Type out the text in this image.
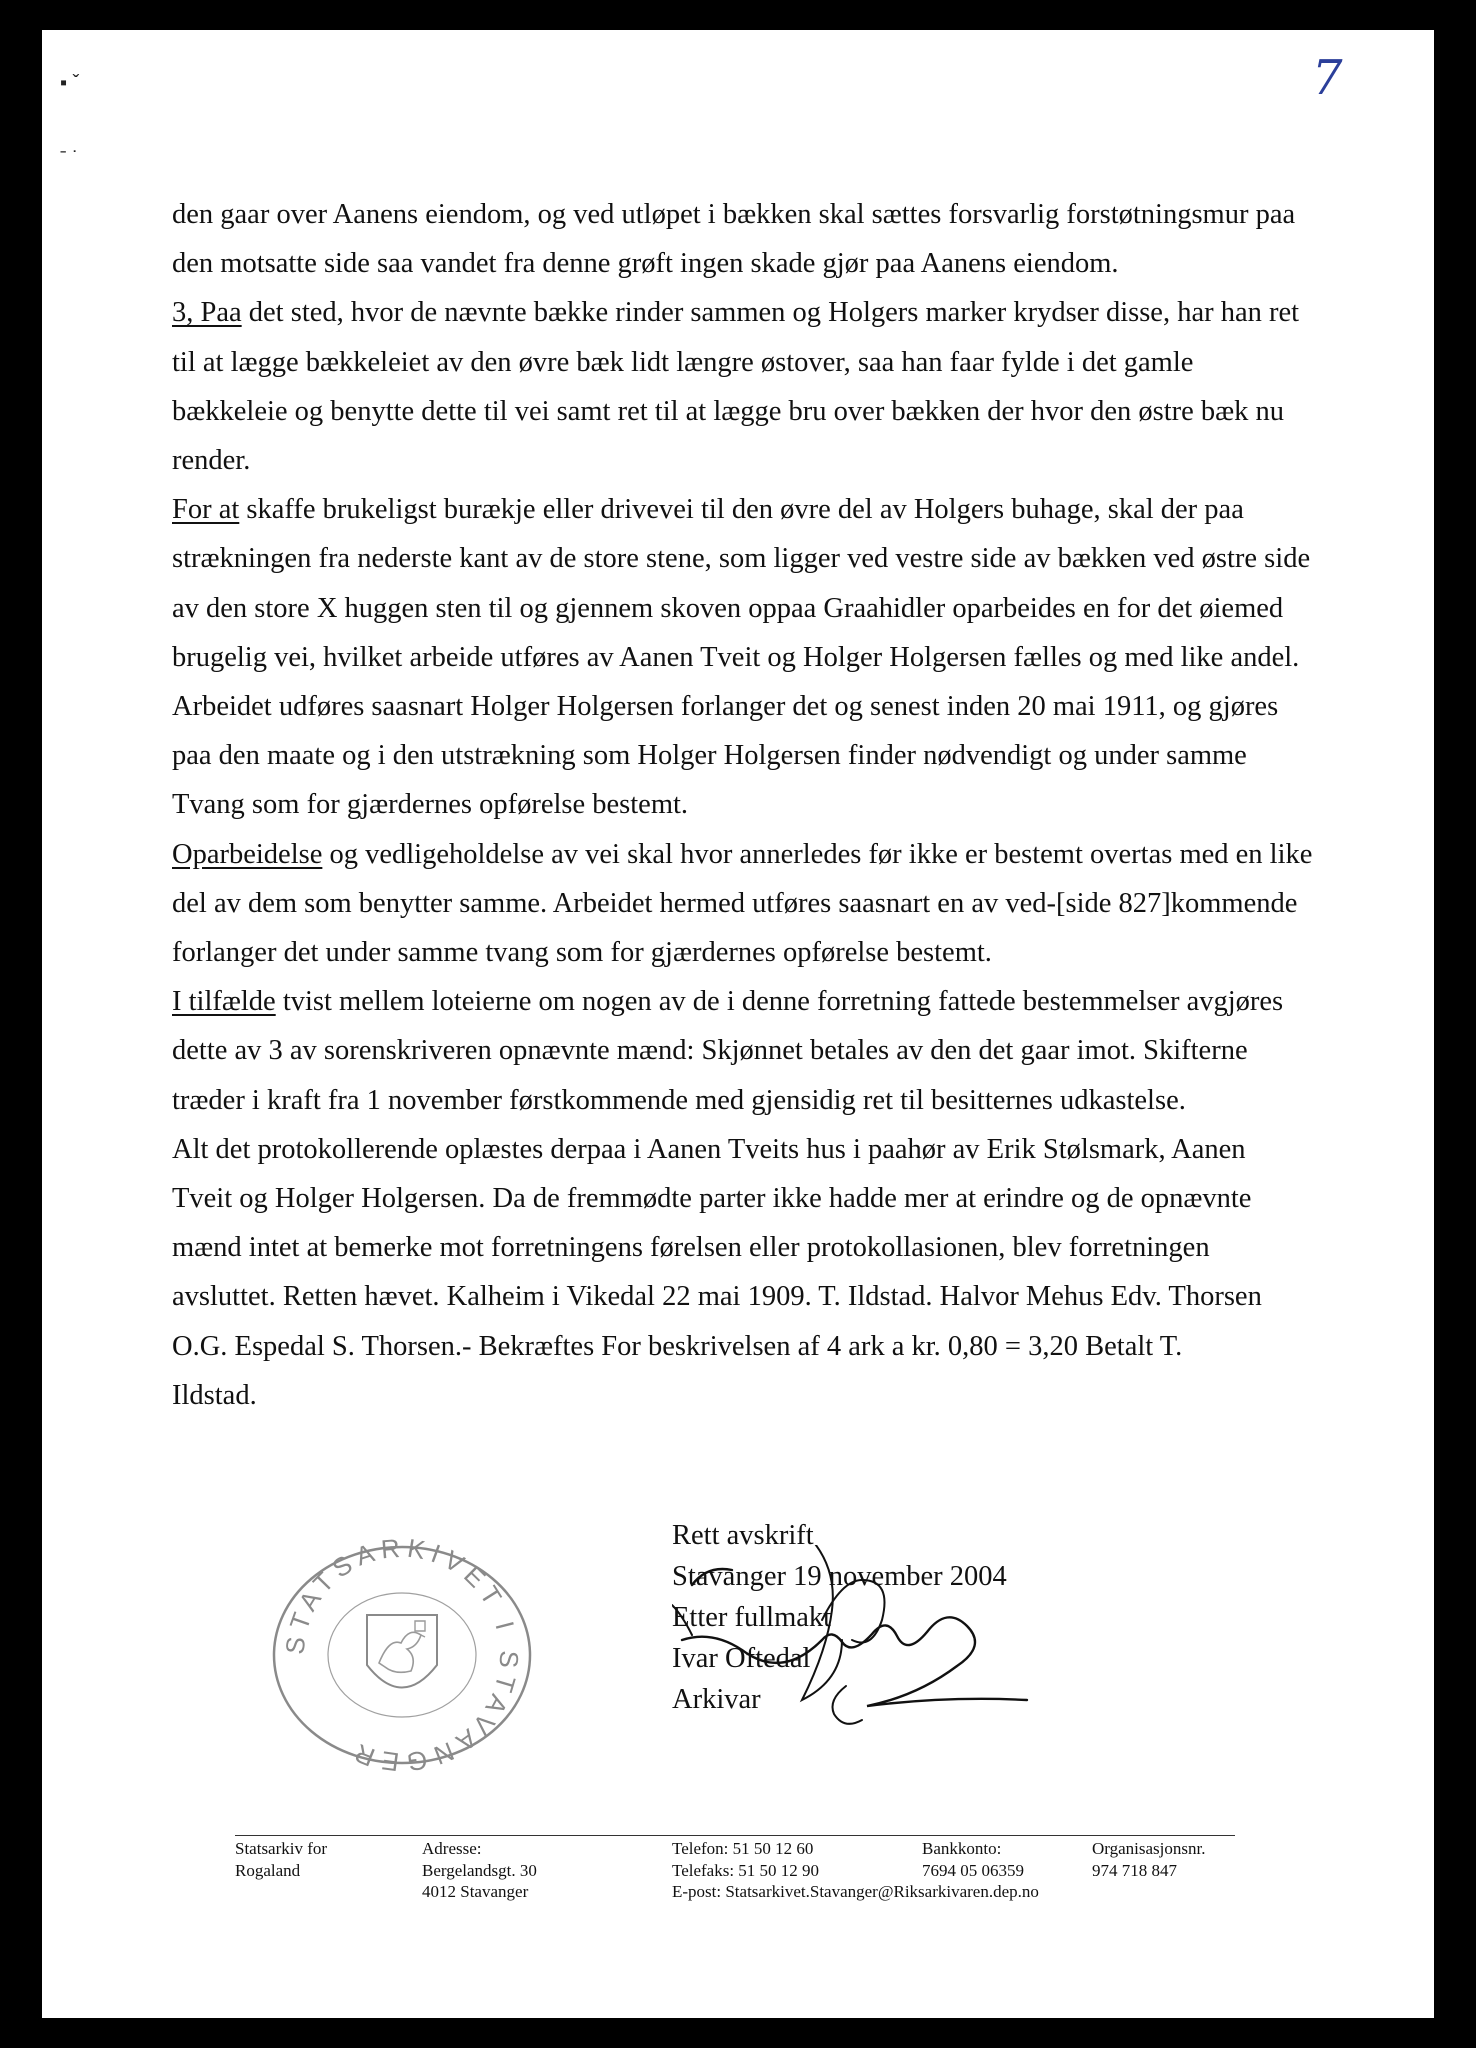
▪ ˇ
ˉ ˙
7

den gaar over Aanens eiendom, og ved utløpet i bækken skal sættes forsvarlig forstøtningsmur paa

den motsatte side saa vandet fra denne grøft ingen skade gjør paa Aanens eiendom.

3, Paa det sted, hvor de nævnte bække rinder sammen og Holgers marker krydser disse, har han ret

til at lægge bækkeleiet av den øvre bæk lidt længre østover, saa han faar fylde i det gamle

bækkeleie og benytte dette til vei samt ret til at lægge bru over bækken der hvor den østre bæk nu

render.

For at skaffe brukeligst burækje eller drivevei til den øvre del av Holgers buhage, skal der paa

strækningen fra nederste kant av de store stene, som ligger ved vestre side av bækken ved østre side

av den store X huggen sten til og gjennem skoven oppaa Graahidler oparbeides en for det øiemed

brugelig vei, hvilket arbeide utføres av Aanen Tveit og Holger Holgersen fælles og med like andel.

Arbeidet udføres saasnart Holger Holgersen forlanger det og senest inden 20 mai 1911, og gjøres

paa den maate og i den utstrækning som Holger Holgersen finder nødvendigt og under samme

Tvang som for gjærdernes opførelse bestemt.

Oparbeidelse og vedligeholdelse av vei skal hvor annerledes før ikke er bestemt overtas med en like

del av dem som benytter samme. Arbeidet hermed utføres saasnart en av ved-[side 827]kommende

forlanger det under samme tvang som for gjærdernes opførelse bestemt.

I tilfælde tvist mellem loteierne om nogen av de i denne forretning fattede bestemmelser avgjøres

dette av 3 av sorenskriveren opnævnte mænd: Skjønnet betales av den det gaar imot. Skifterne

træder i kraft fra 1 november førstkommende med gjensidig ret til besitternes udkastelse.

Alt det protokollerende oplæstes derpaa i Aanen Tveits hus i paahør av Erik Stølsmark, Aanen

Tveit og Holger Holgersen. Da de fremmødte parter ikke hadde mer at erindre og de opnævnte

mænd intet at bemerke mot forretningens førelsen eller protokollasionen, blev forretningen

avsluttet. Retten hævet. Kalheim i Vikedal 22 mai 1909. T. Ildstad. Halvor Mehus Edv. Thorsen

O.G. Espedal S. Thorsen.- Bekræftes For beskrivelsen af 4 ark a kr. 0,80 = 3,20 Betalt T.

Ildstad.

STATSARKIVET I STAVANGER

Rett avskrift

Stavanger 19 november 2004

Etter fullmakt

Ivar Oftedal

Arkivar

Statsarkiv for
Rogaland
Adresse:
Bergelandsgt. 30
4012 Stavanger
Telefon: 51 50 12 60
Telefaks: 51 50 12 90
E-post: Statsarkivet.Stavanger@Riksarkivaren.dep.no
Bankkonto:
7694 05 06359
Organisasjonsnr.
974 718 847
